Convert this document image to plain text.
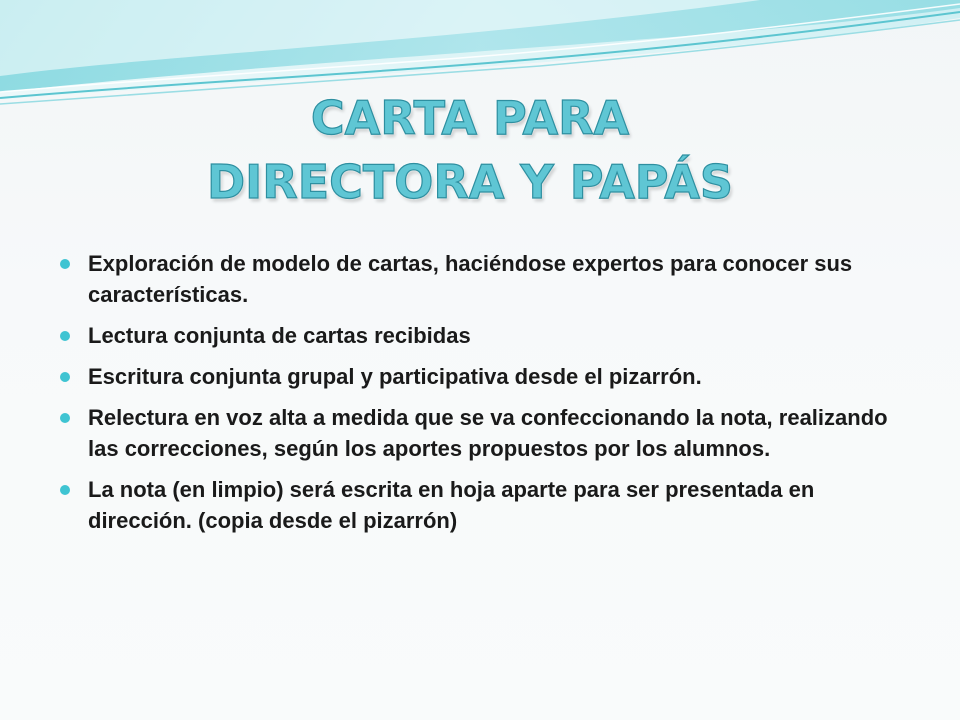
CARTA PARA
DIRECTORA Y PAPÁS
Exploración de modelo de cartas, haciéndose expertos para conocer sus características.
Lectura conjunta de cartas recibidas
Escritura conjunta grupal y participativa desde el pizarrón.
Relectura en voz alta a medida que se va confeccionando la nota, realizando las correcciones, según los aportes propuestos por los alumnos.
La nota (en limpio) será escrita en hoja aparte para ser presentada en dirección. (copia desde el pizarrón)
